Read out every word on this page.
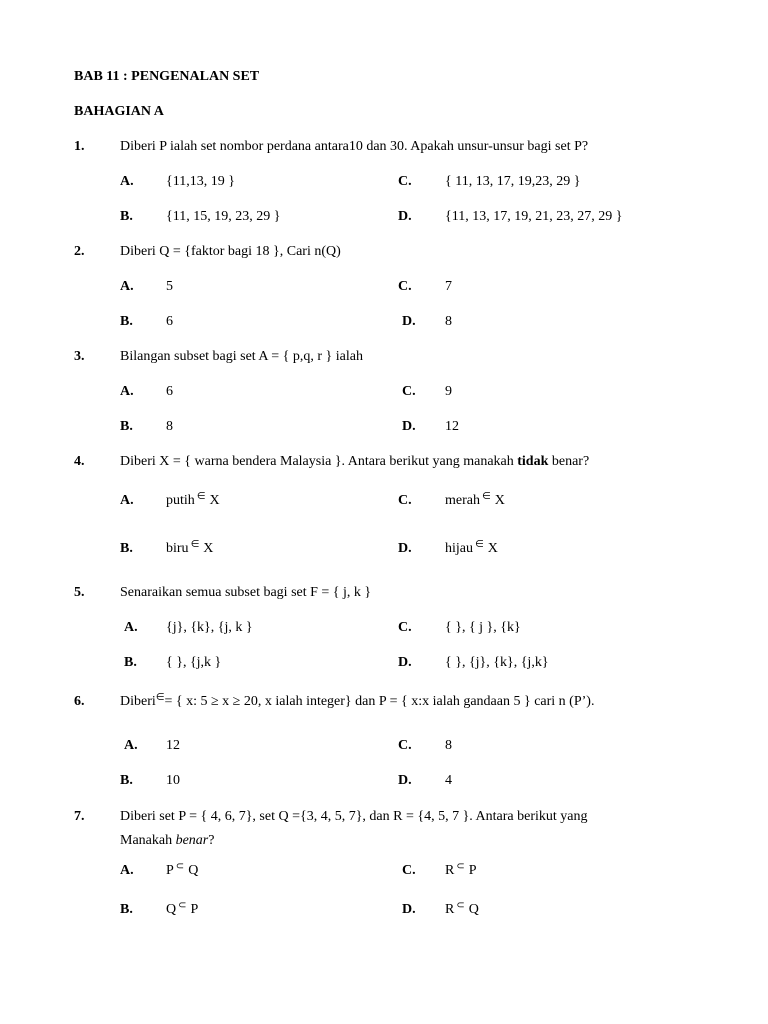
BAB 11 : PENGENALAN SET
BAHAGIAN A
1.	Diberi P ialah set nombor perdana antara10 dan 30. Apakah unsur-unsur bagi set P?
A. {11,13, 19 }	C. { 11, 13, 17, 19,23, 29 }
B. {11, 15, 19, 23, 29 }	D. {11, 13, 17, 19, 21, 23, 27, 29 }
2.	Diberi Q = {faktor bagi 18 }, Cari n(Q)
A. 5	C. 7
B. 6	D. 8
3.	Bilangan subset bagi set A = { p,q, r } ialah
A. 6	C. 9
B. 8	D. 12
4.	Diberi X = { warna bendera Malaysia }. Antara berikut yang manakah tidak benar?
A. putih ∈ X	C. merah ∈ X
B. biru ∈ X	D. hijau ∈ X
5.	Senaraikan semua subset bagi set F = { j, k }
A. {j}, {k}, {j, k }	C. { }, { j }, {k}
B. { }, {j,k }	D. { }, {j}, {k}, {j,k}
6.	Diberi∈= { x: 5 ≥ x ≥ 20, x ialah integer} dan P = { x:x ialah gandaan 5 } cari n (P’).
A. 12	C. 8
B. 10	D. 4
7.	Diberi set P = { 4, 6, 7}, set Q ={3, 4, 5, 7}, dan R = {4, 5, 7 }. Antara berikut yang
Manakah benar?
A. P ⊂ Q	C. R ⊂ P
B. Q ⊂ P	D. R ⊂ Q
